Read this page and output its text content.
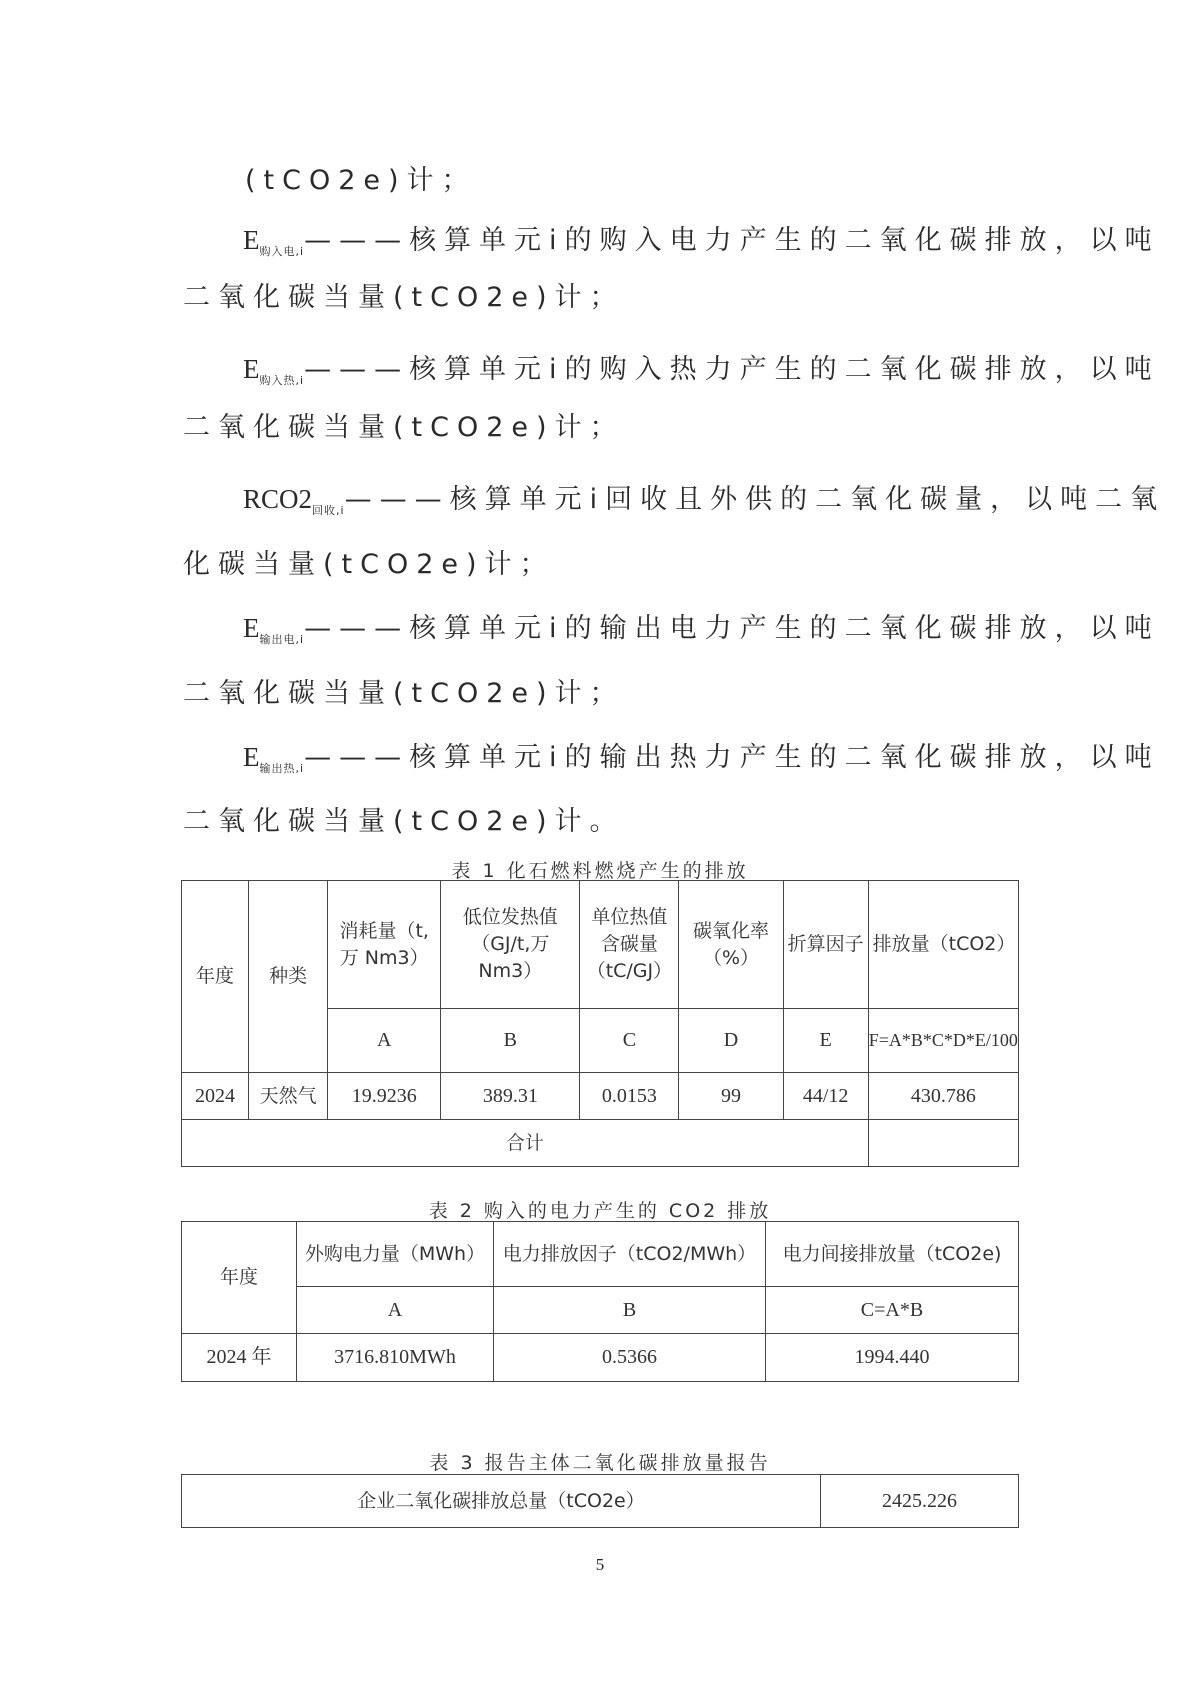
(tCO2e)计；
$E_{购入电,i}———$核算单元i的购入电力产生的二氧化碳排放，以吨
二氧化碳当量(tCO2e)计；
$E_{购入热,i}———$核算单元i的购入热力产生的二氧化碳排放，以吨
二氧化碳当量(tCO2e)计；
$RCO2_{回收,i}———$核算单元i回收且外供的二氧化碳量，以吨二氧
化碳当量(tCO2e)计；
$E_{输出电,i}———$核算单元i的输出电力产生的二氧化碳排放，以吨
二氧化碳当量(tCO2e)计；
$E_{输出热,i}———$核算单元i的输出热力产生的二氧化碳排放，以吨
二氧化碳当量(tCO2e)计。
表 1 化石燃料燃烧产生的排放
年度	种类	消耗量（t,万 Nm3）	低位发热值（GJ/t,万Nm3）	单位热值含碳量（tC/GJ）	碳氧化率（%）	折算因子	排放量（tCO2）
		A	B	C	D	E	F=A*B*C*D*E/100
2024	天然气	19.9236	389.31	0.0153	99	44/12	430.786
合计							
表 2 购入的电力产生的 CO2 排放
年度	外购电力量（MWh）	电力排放因子（tCO2/MWh）	电力间接排放量（tCO2e)
	A	B	C=A*B
2024 年	3716.810MWh	0.5366	1994.440
表 3 报告主体二氧化碳排放量报告
企业二氧化碳排放总量（tCO2e）	2425.226
5
